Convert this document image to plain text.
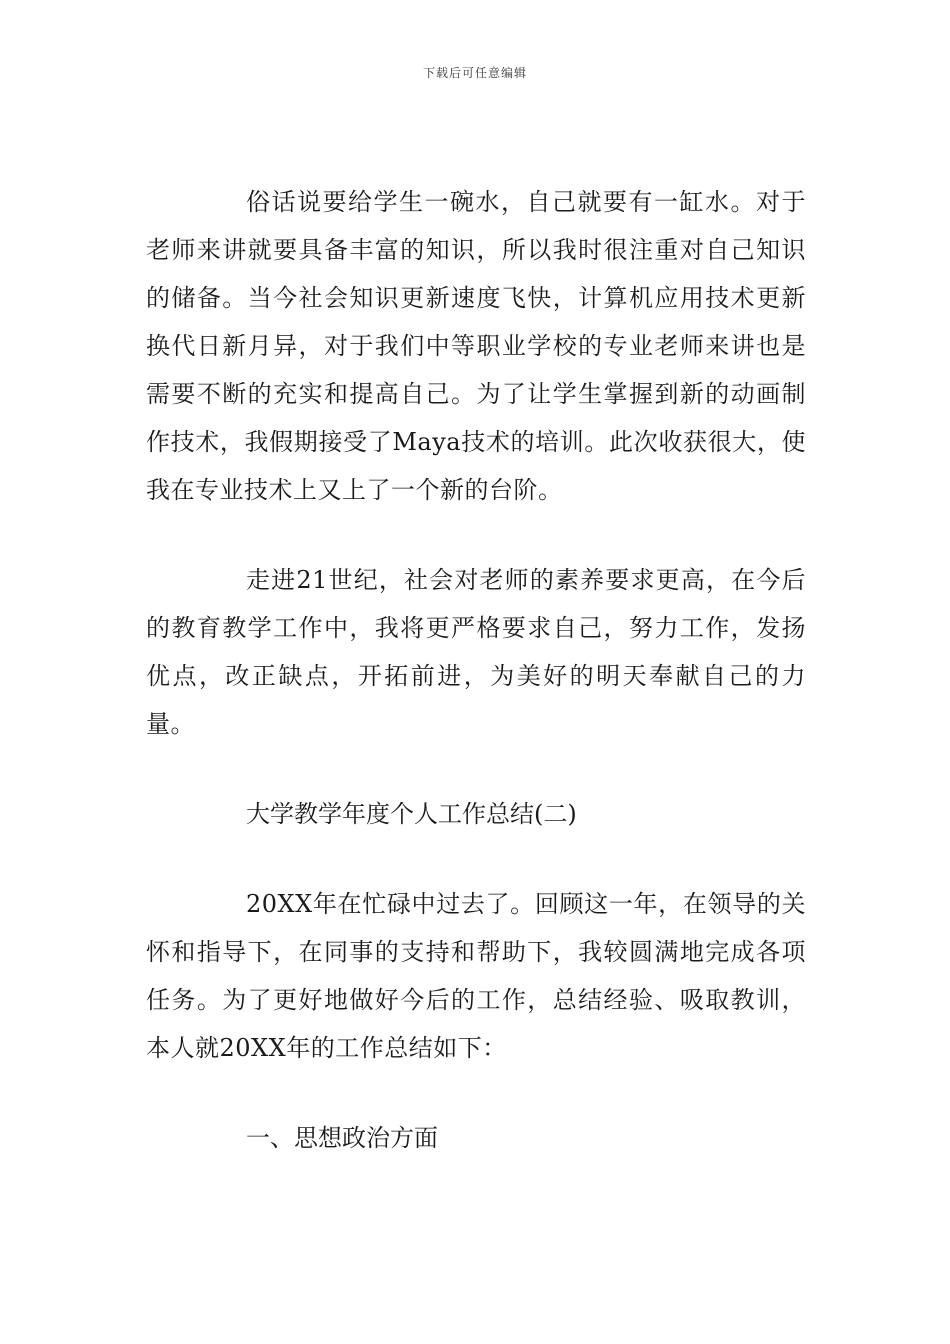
下载后可任意编辑

俗话说要给学生一碗水，自己就要有一缸水。对于老师来讲就要具备丰富的知识，所以我时很注重对自己知识的储备。当今社会知识更新速度飞快，计算机应用技术更新换代日新月异，对于我们中等职业学校的专业老师来讲也是需要不断的充实和提高自己。为了让学生掌握到新的动画制作技术，我假期接受了Maya技术的培训。此次收获很大，使我在专业技术上又上了一个新的台阶。

走进21世纪，社会对老师的素养要求更高，在今后的教育教学工作中，我将更严格要求自己，努力工作，发扬优点，改正缺点，开拓前进，为美好的明天奉献自己的力量。

大学教学年度个人工作总结(二)

20XX年在忙碌中过去了。回顾这一年，在领导的关怀和指导下，在同事的支持和帮助下，我较圆满地完成各项任务。为了更好地做好今后的工作，总结经验、吸取教训，本人就20XX年的工作总结如下：

一、思想政治方面
